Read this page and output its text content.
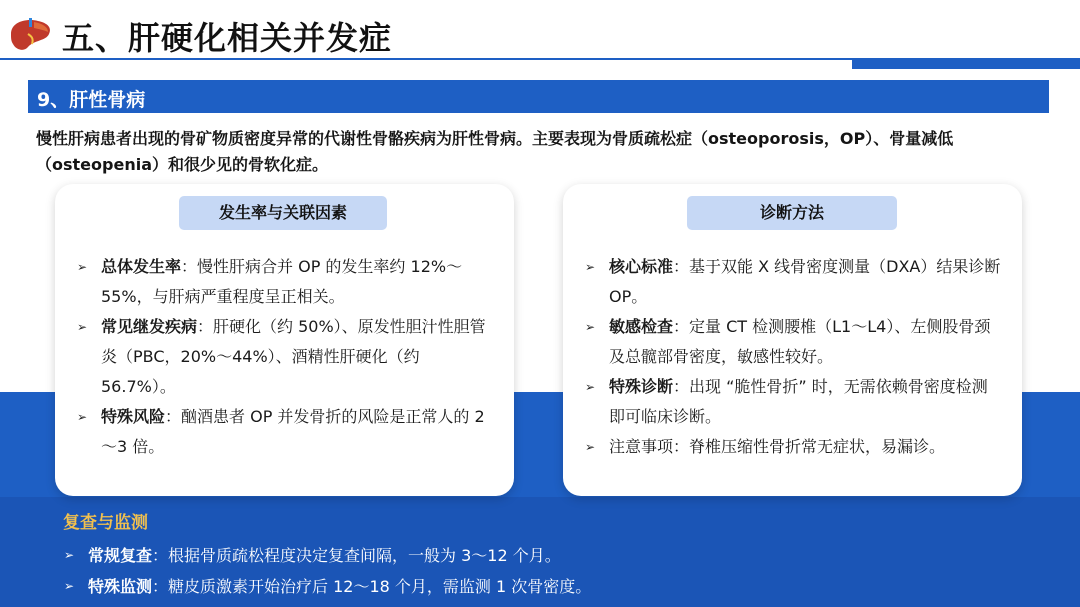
五、肝硬化相关并发症
9、肝性骨病
慢性肝病患者出现的骨矿物质密度异常的代谢性骨骼疾病为肝性骨病。主要表现为骨质疏松症（osteoporosis，OP）、骨量减低（osteopenia）和很少见的骨软化症。
发生率与关联因素
➢ 总体发生率：慢性肝病合并 OP 的发生率约 12%～55%，与肝病严重程度呈正相关。
➢ 常见继发疾病：肝硬化（约 50%）、原发性胆汁性胆管炎（PBC，20%～44%）、酒精性肝硬化（约 56.7%）。
➢ 特殊风险：酗酒患者 OP 并发骨折的风险是正常人的 2～3 倍。
诊断方法
➢ 核心标准：基于双能 X 线骨密度测量（DXA）结果诊断 OP。
➢ 敏感检查：定量 CT 检测腰椎（L1～L4）、左侧股骨颈及总髋部骨密度，敏感性较好。
➢ 特殊诊断：出现 “脆性骨折” 时，无需依赖骨密度检测即可临床诊断。
➢ 注意事项：脊椎压缩性骨折常无症状，易漏诊。
复查与监测
➢ 常规复查：根据骨质疏松程度决定复查间隔，一般为 3～12 个月。
➢ 特殊监测：糖皮质激素开始治疗后 12～18 个月，需监测 1 次骨密度。
